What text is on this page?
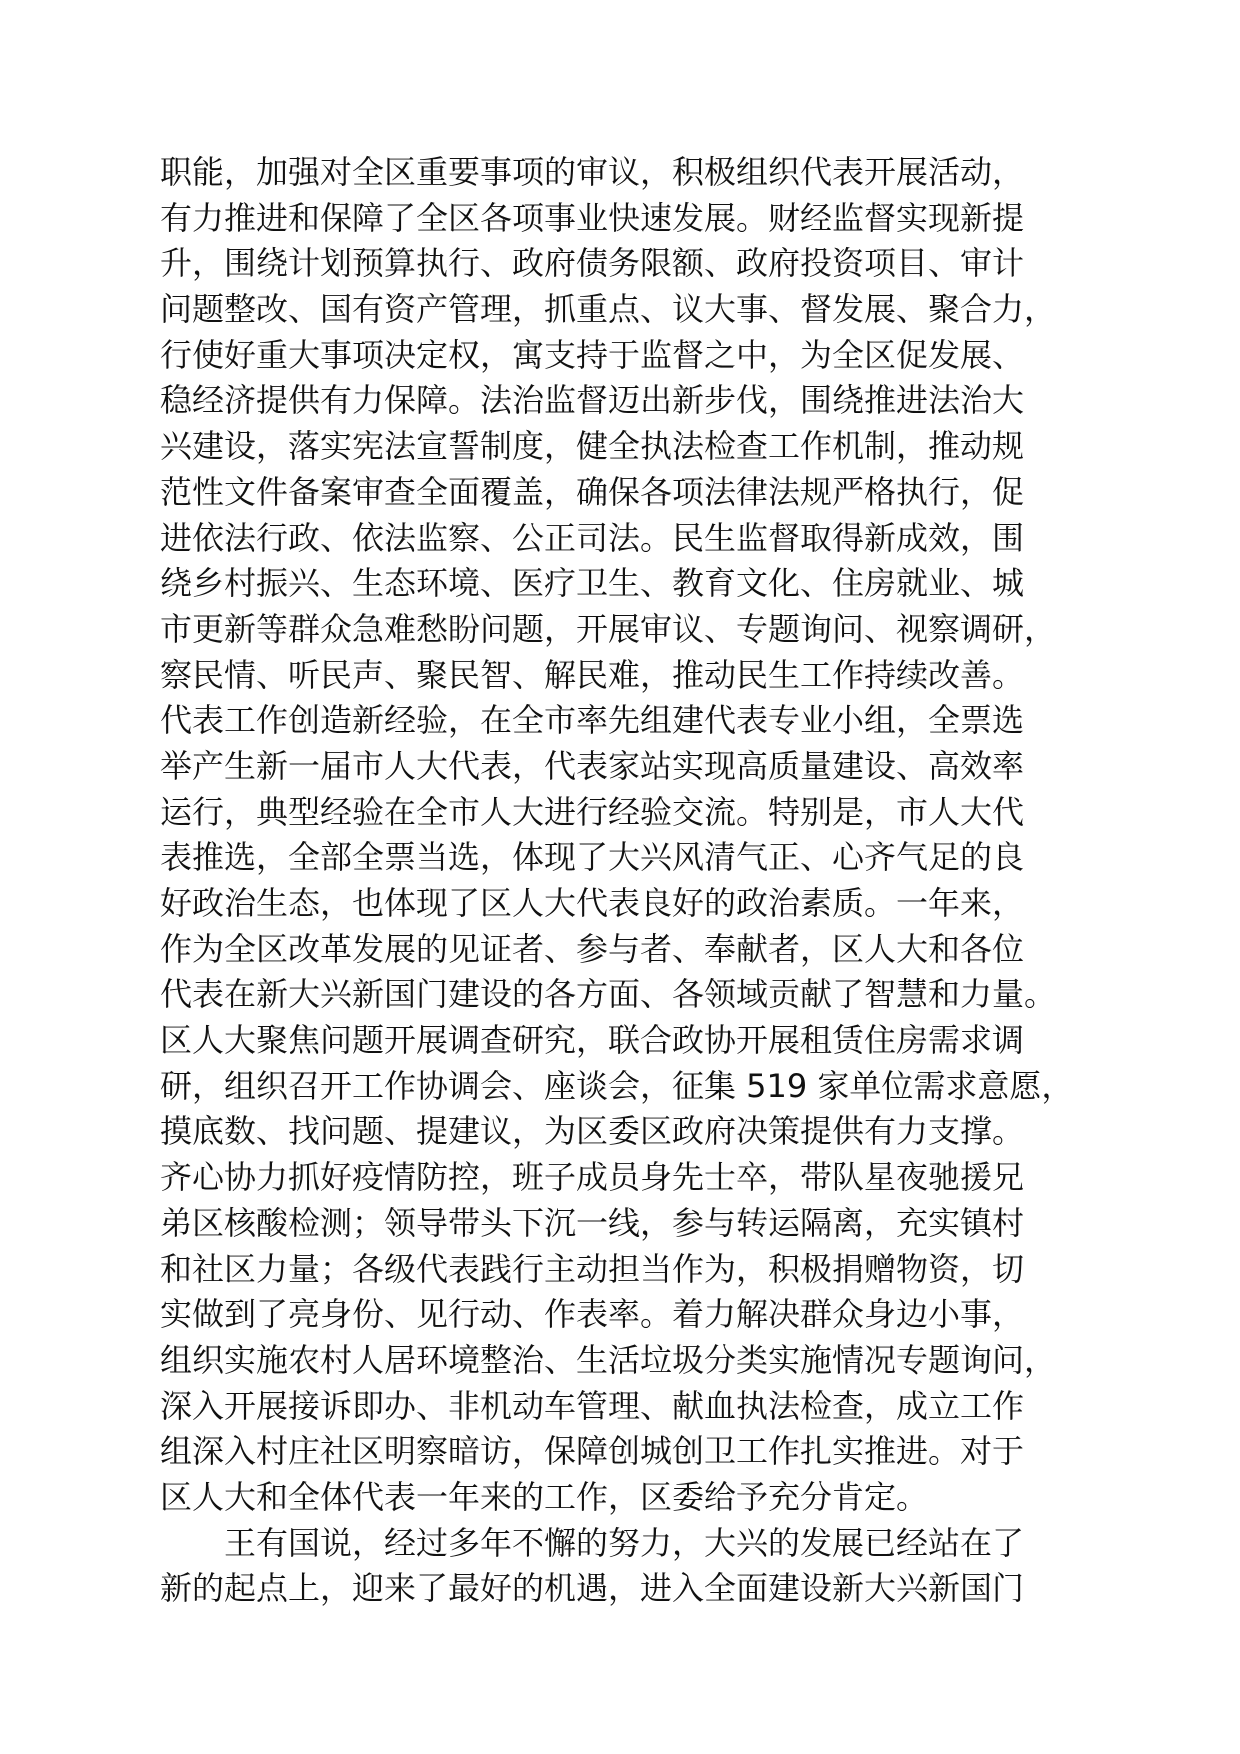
职能，加强对全区重要事项的审议，积极组织代表开展活动，
有力推进和保障了全区各项事业快速发展。财经监督实现新提
升，围绕计划预算执行、政府债务限额、政府投资项目、审计
问题整改、国有资产管理，抓重点、议大事、督发展、聚合力，
行使好重大事项决定权，寓支持于监督之中，为全区促发展、
稳经济提供有力保障。法治监督迈出新步伐，围绕推进法治大
兴建设，落实宪法宣誓制度，健全执法检查工作机制，推动规
范性文件备案审查全面覆盖，确保各项法律法规严格执行，促
进依法行政、依法监察、公正司法。民生监督取得新成效，围
绕乡村振兴、生态环境、医疗卫生、教育文化、住房就业、城
市更新等群众急难愁盼问题，开展审议、专题询问、视察调研，
察民情、听民声、聚民智、解民难，推动民生工作持续改善。
代表工作创造新经验，在全市率先组建代表专业小组，全票选
举产生新一届市人大代表，代表家站实现高质量建设、高效率
运行，典型经验在全市人大进行经验交流。特别是，市人大代
表推选，全部全票当选，体现了大兴风清气正、心齐气足的良
好政治生态，也体现了区人大代表良好的政治素质。一年来，
作为全区改革发展的见证者、参与者、奉献者，区人大和各位
代表在新大兴新国门建设的各方面、各领域贡献了智慧和力量。
区人大聚焦问题开展调查研究，联合政协开展租赁住房需求调
研，组织召开工作协调会、座谈会，征集 519 家单位需求意愿，
摸底数、找问题、提建议，为区委区政府决策提供有力支撑。
齐心协力抓好疫情防控，班子成员身先士卒，带队星夜驰援兄
弟区核酸检测；领导带头下沉一线，参与转运隔离，充实镇村
和社区力量；各级代表践行主动担当作为，积极捐赠物资，切
实做到了亮身份、见行动、作表率。着力解决群众身边小事，
组织实施农村人居环境整治、生活垃圾分类实施情况专题询问，
深入开展接诉即办、非机动车管理、献血执法检查，成立工作
组深入村庄社区明察暗访，保障创城创卫工作扎实推进。对于
区人大和全体代表一年来的工作，区委给予充分肯定。
王有国说，经过多年不懈的努力，大兴的发展已经站在了
新的起点上，迎来了最好的机遇，进入全面建设新大兴新国门
